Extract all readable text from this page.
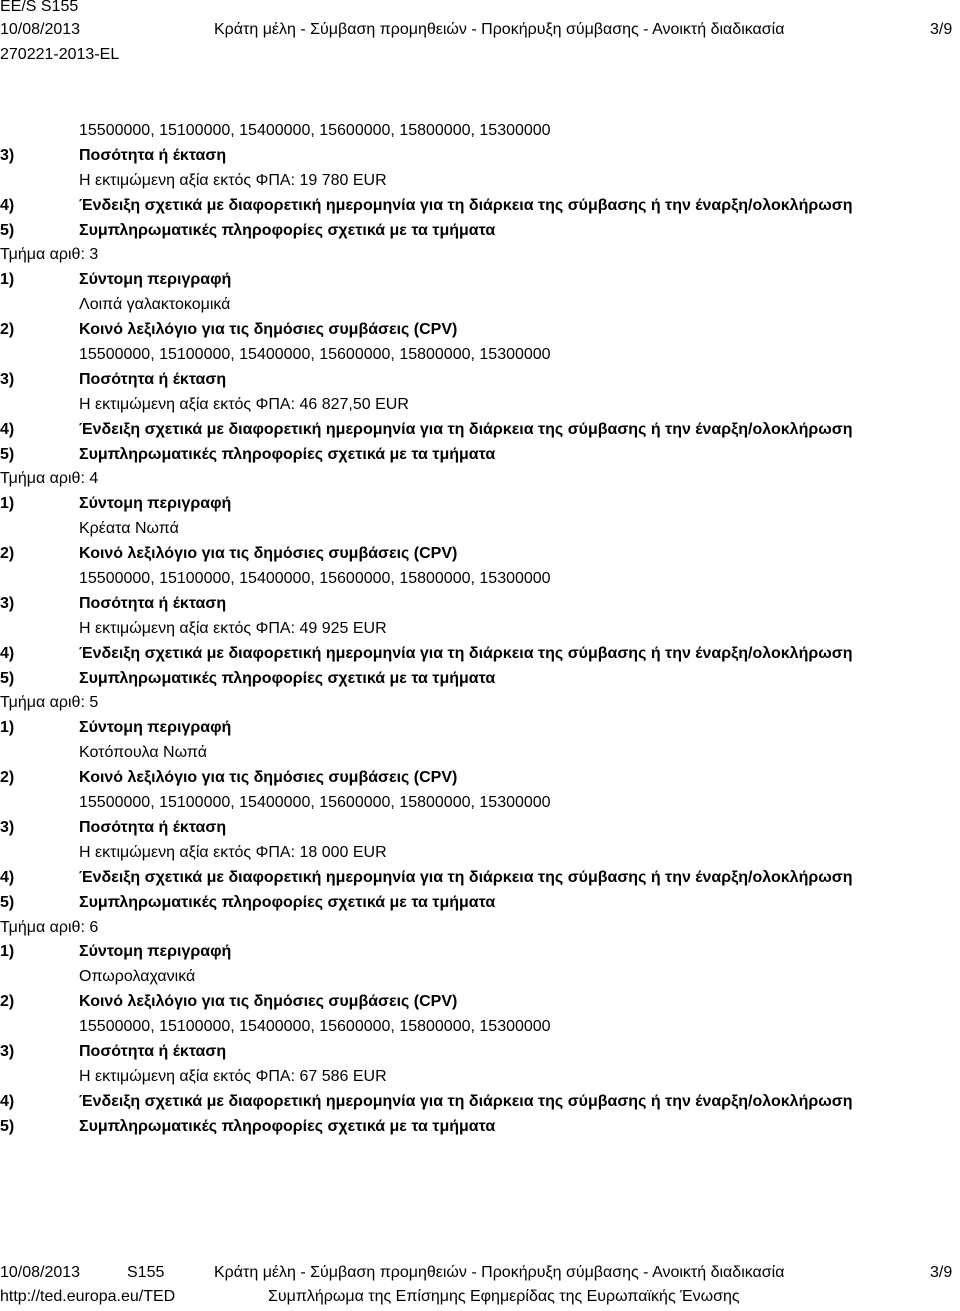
EE/S S155
10/08/2013	Κράτη μέλη - Σύμβαση προμηθειών - Προκήρυξη σύμβασης - Ανοικτή διαδικασία	3/9
270221-2013-EL
15500000, 15100000, 15400000, 15600000, 15800000, 15300000
3)	Ποσότητα ή έκταση
Η εκτιμώμενη αξία εκτός ΦΠΑ: 19 780 EUR
4)	Ένδειξη σχετικά με διαφορετική ημερομηνία για τη διάρκεια της σύμβασης ή την έναρξη/ολοκλήρωση
5)	Συμπληρωματικές πληροφορίες σχετικά με τα τμήματα
Τμήμα αριθ: 3
1)	Σύντομη περιγραφή
Λοιπά γαλακτοκομικά
2)	Κοινό λεξιλόγιο για τις δημόσιες συμβάσεις (CPV)
15500000, 15100000, 15400000, 15600000, 15800000, 15300000
3)	Ποσότητα ή έκταση
Η εκτιμώμενη αξία εκτός ΦΠΑ: 46 827,50 EUR
4)	Ένδειξη σχετικά με διαφορετική ημερομηνία για τη διάρκεια της σύμβασης ή την έναρξη/ολοκλήρωση
5)	Συμπληρωματικές πληροφορίες σχετικά με τα τμήματα
Τμήμα αριθ: 4
1)	Σύντομη περιγραφή
Κρέατα Νωπά
2)	Κοινό λεξιλόγιο για τις δημόσιες συμβάσεις (CPV)
15500000, 15100000, 15400000, 15600000, 15800000, 15300000
3)	Ποσότητα ή έκταση
Η εκτιμώμενη αξία εκτός ΦΠΑ: 49 925 EUR
4)	Ένδειξη σχετικά με διαφορετική ημερομηνία για τη διάρκεια της σύμβασης ή την έναρξη/ολοκλήρωση
5)	Συμπληρωματικές πληροφορίες σχετικά με τα τμήματα
Τμήμα αριθ: 5
1)	Σύντομη περιγραφή
Κοτόπουλα Νωπά
2)	Κοινό λεξιλόγιο για τις δημόσιες συμβάσεις (CPV)
15500000, 15100000, 15400000, 15600000, 15800000, 15300000
3)	Ποσότητα ή έκταση
Η εκτιμώμενη αξία εκτός ΦΠΑ: 18 000 EUR
4)	Ένδειξη σχετικά με διαφορετική ημερομηνία για τη διάρκεια της σύμβασης ή την έναρξη/ολοκλήρωση
5)	Συμπληρωματικές πληροφορίες σχετικά με τα τμήματα
Τμήμα αριθ: 6
1)	Σύντομη περιγραφή
Οπωρολαχανικά
2)	Κοινό λεξιλόγιο για τις δημόσιες συμβάσεις (CPV)
15500000, 15100000, 15400000, 15600000, 15800000, 15300000
3)	Ποσότητα ή έκταση
Η εκτιμώμενη αξία εκτός ΦΠΑ: 67 586 EUR
4)	Ένδειξη σχετικά με διαφορετική ημερομηνία για τη διάρκεια της σύμβασης ή την έναρξη/ολοκλήρωση
5)	Συμπληρωματικές πληροφορίες σχετικά με τα τμήματα
10/08/2013	S155	Κράτη μέλη - Σύμβαση προμηθειών - Προκήρυξη σύμβασης - Ανοικτή διαδικασία	3/9
http://ted.europa.eu/TED	Συμπλήρωμα της Επίσημης Εφημερίδας της Ευρωπαϊκής Ένωσης
